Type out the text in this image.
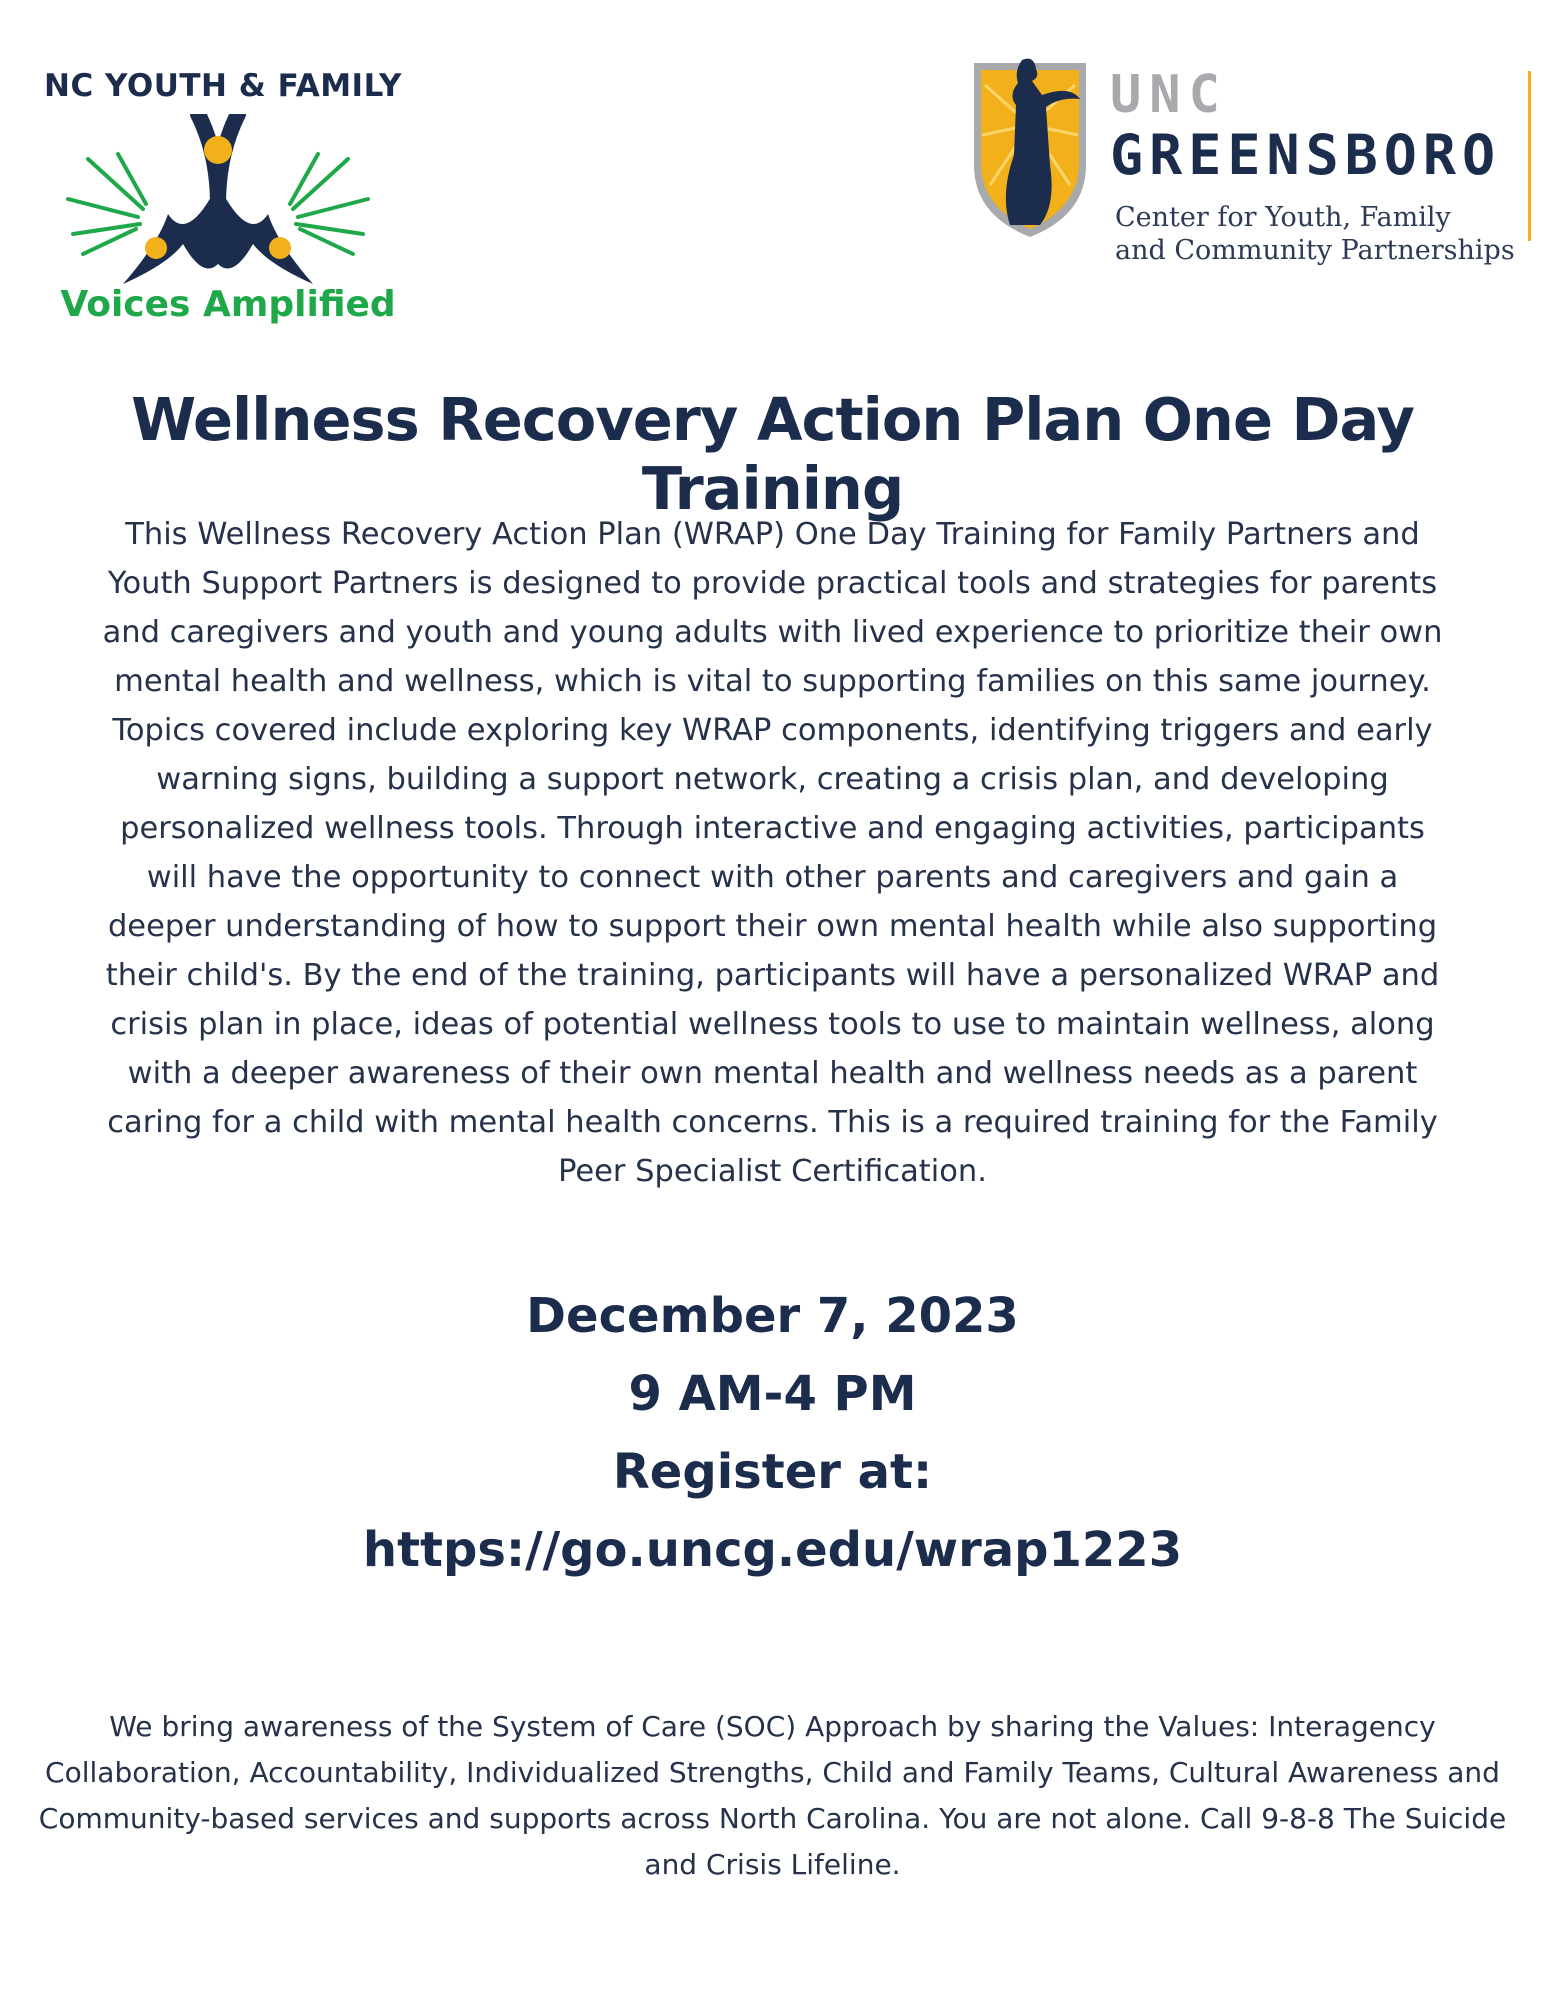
NC YOUTH & FAMILY
Voices Amplified
UNC
GREENSBORO
Center for Youth, Family
and Community Partnerships
Wellness Recovery Action Plan One Day Training

This Wellness Recovery Action Plan (WRAP) One Day Training for Family Partners and Youth Support Partners is designed to provide practical tools and strategies for parents and caregivers and youth and young adults with lived experience to prioritize their own mental health and wellness, which is vital to supporting families on this same journey. Topics covered include exploring key WRAP components, identifying triggers and early warning signs, building a support network, creating a crisis plan, and developing personalized wellness tools. Through interactive and engaging activities, participants will have the opportunity to connect with other parents and caregivers and gain a deeper understanding of how to support their own mental health while also supporting their child's. By the end of the training, participants will have a personalized WRAP and crisis plan in place, ideas of potential wellness tools to use to maintain wellness, along with a deeper awareness of their own mental health and wellness needs as a parent caring for a child with mental health concerns. This is a required training for the Family Peer Specialist Certification.

December 7, 2023
9 AM-4 PM
Register at:
https://go.uncg.edu/wrap1223

We bring awareness of the System of Care (SOC) Approach by sharing the Values: Interagency Collaboration, Accountability, Individualized Strengths, Child and Family Teams, Cultural Awareness and Community-based services and supports across North Carolina. You are not alone. Call 9-8-8 The Suicide and Crisis Lifeline.
